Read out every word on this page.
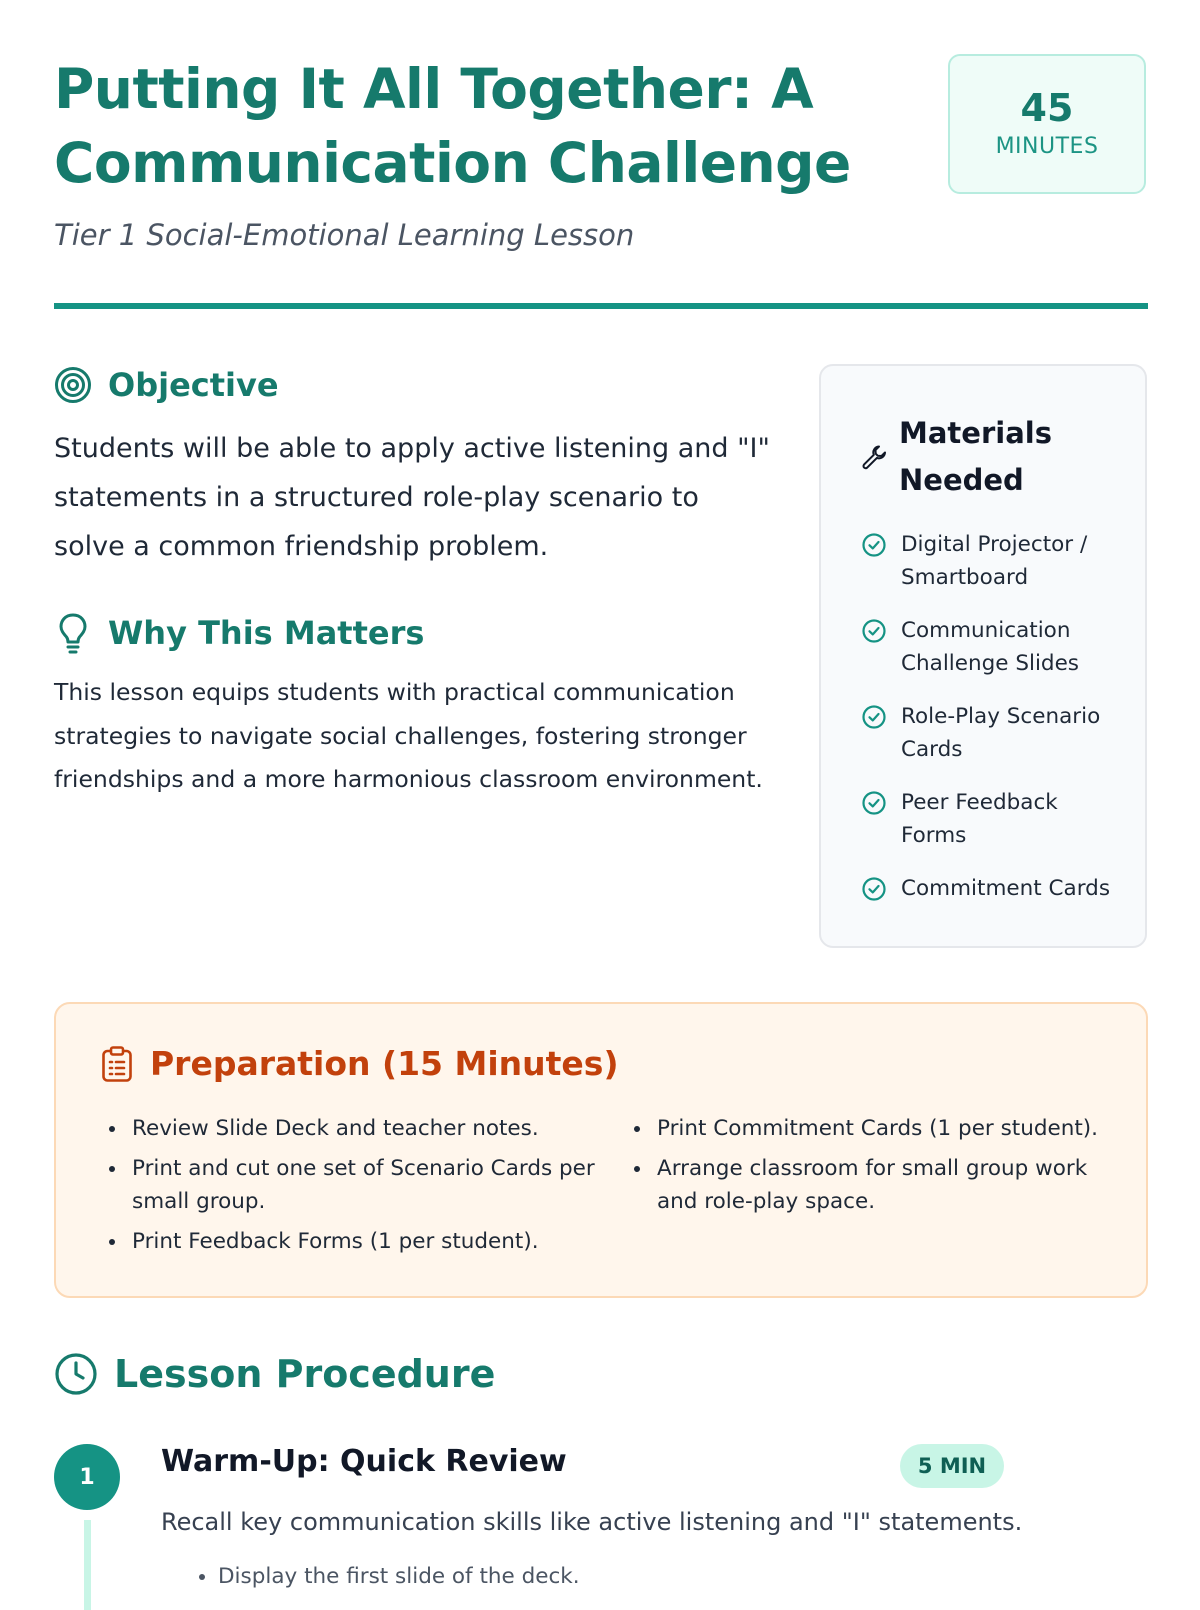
Putting It All Together: A Communication Challenge
45
MINUTES

Tier 1 Social-Emotional Learning Lesson

Objective

Students will be able to apply active listening and "I" statements in a structured role-play scenario to solve a common friendship problem.

Why This Matters

This lesson equips students with practical communication strategies to navigate social challenges, fostering stronger friendships and a more harmonious classroom environment.

Materials Needed
Digital Projector / Smartboard
Communication Challenge Slides
Role-Play Scenario Cards
Peer Feedback Forms
Commitment Cards
Preparation (15 Minutes)
• Review Slide Deck and teacher notes.
• Print and cut one set of Scenario Cards per small group.
• Print Feedback Forms (1 per student).
• Print Commitment Cards (1 per student).
• Arrange classroom for small group work and role-play space.
Lesson Procedure
1	Warm-Up: Quick Review	5 MIN

Recall key communication skills like active listening and "I" statements.

• Display the first slide of the deck.
